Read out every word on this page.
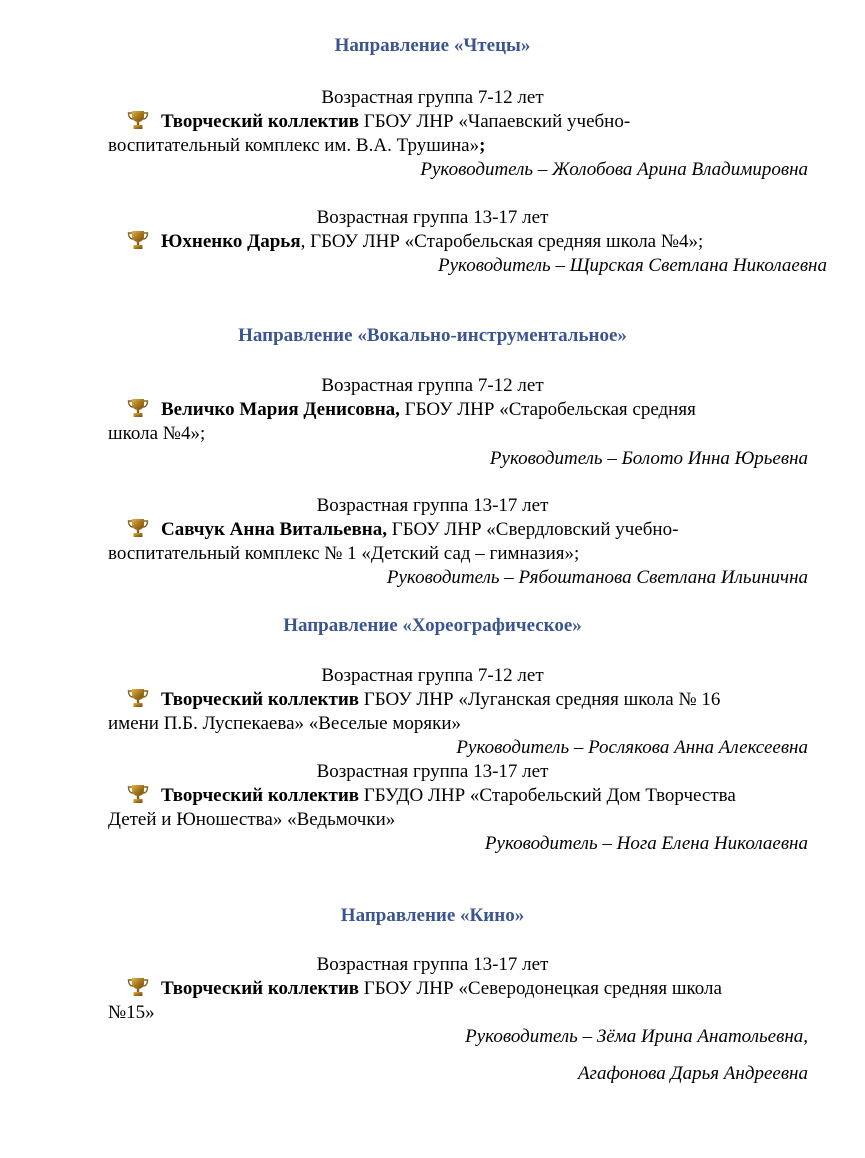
Направление «Чтецы»
Возрастная группа 7-12 лет
Творческий коллектив ГБОУ ЛНР «Чапаевский учебно-
воспитательный комплекс им. В.А. Трушина»;
Руководитель – Жолобова Арина Владимировна
Возрастная группа 13-17 лет
Юхненко Дарья, ГБОУ ЛНР «Старобельская средняя школа №4»;
Руководитель – Щирская Светлана Николаевна
Направление «Вокально-инструментальное»
Возрастная группа 7-12 лет
Величко Мария Денисовна, ГБОУ ЛНР «Старобельская средняя
школа №4»;
Руководитель – Болото Инна Юрьевна
Возрастная группа 13-17 лет
Савчук Анна Витальевна, ГБОУ ЛНР «Свердловский учебно-
воспитательный комплекс № 1 «Детский сад – гимназия»;
Руководитель – Рябоштанова Светлана Ильинична
Направление «Хореографическое»
Возрастная группа 7-12 лет
Творческий коллектив ГБОУ ЛНР «Луганская средняя школа № 16
имени П.Б. Луспекаева» «Веселые моряки»
Руководитель – Рослякова Анна Алексеевна
Возрастная группа 13-17 лет
Творческий коллектив ГБУДО ЛНР «Старобельский Дом Творчества
Детей и Юношества» «Ведьмочки»
Руководитель – Нога Елена Николаевна
Направление «Кино»
Возрастная группа 13-17 лет
Творческий коллектив ГБОУ ЛНР «Северодонецкая средняя школа
№15»
Руководитель – Зёма Ирина Анатольевна,
Агафонова Дарья Андреевна
